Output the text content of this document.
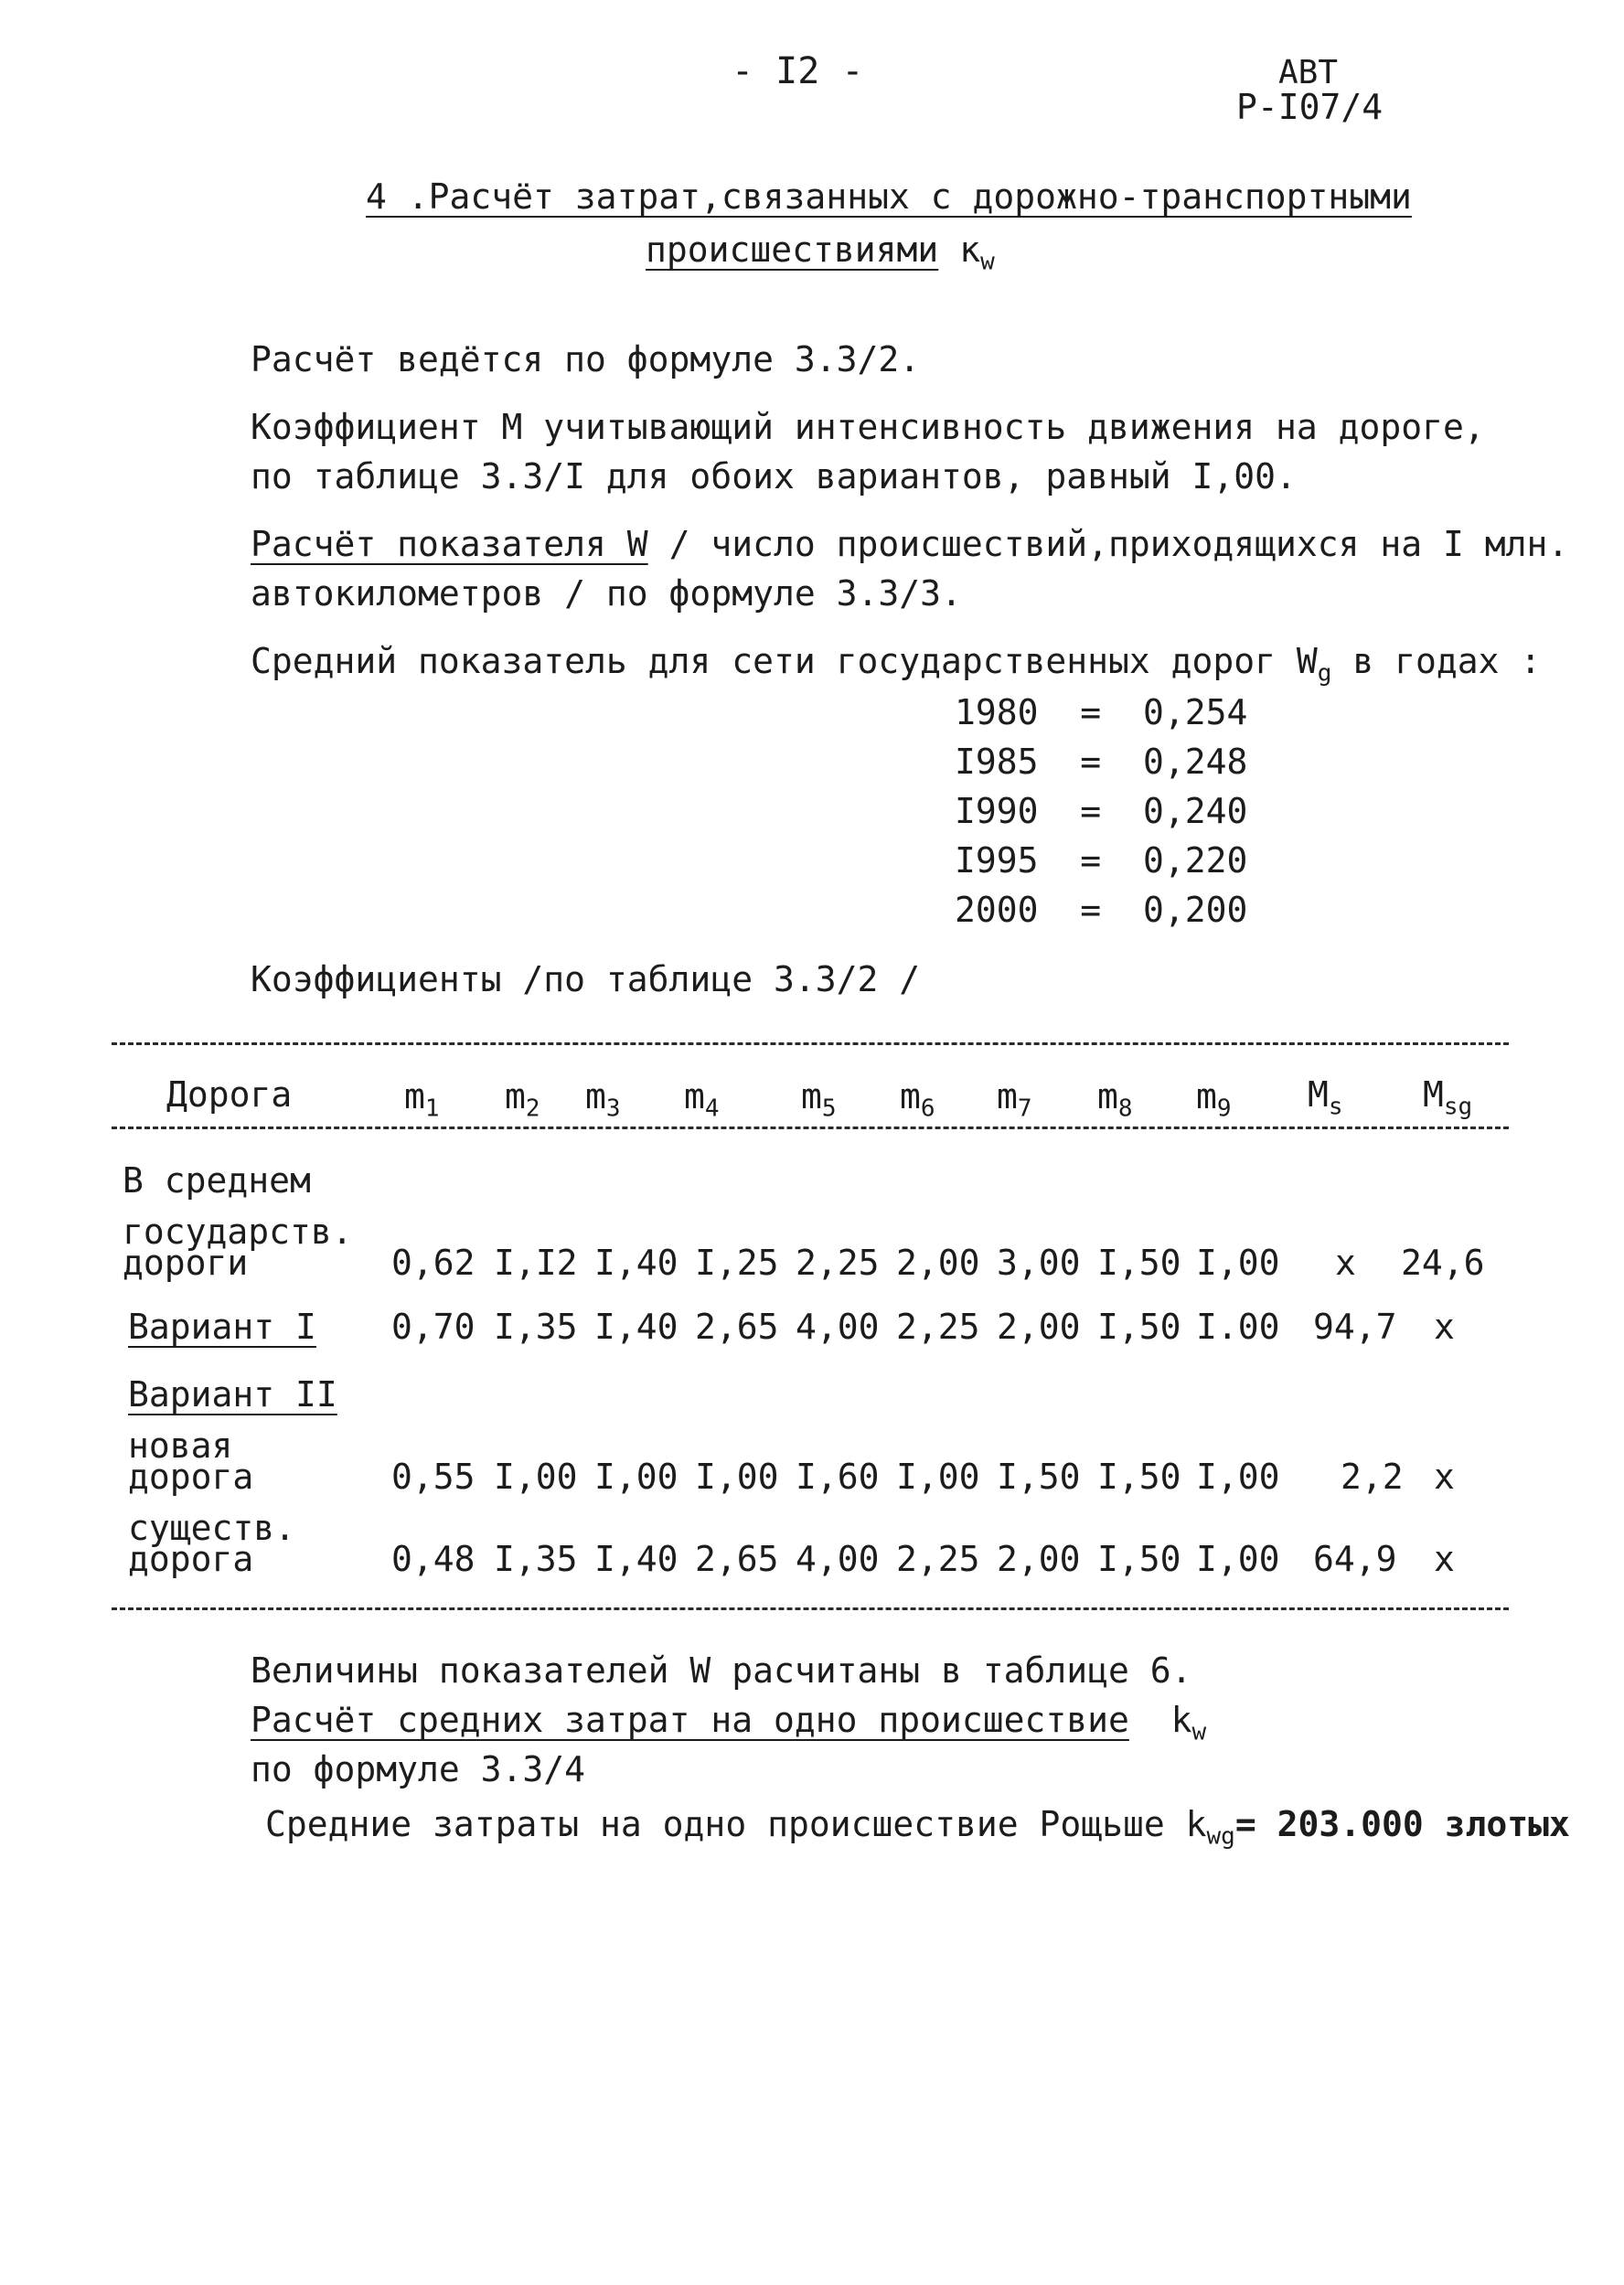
- I2 -	АВТ
Р-I07/4
4 .Расчёт затрат,связанных с дорожно-транспортными
происшествиями $к_w$
Расчёт ведётся по формуле 3.3/2.
Коэффициент М учитывающий интенсивность движения на дороге,
по таблице 3.3/I для обоих вариантов, равный I,00.
Расчёт показателя W / число происшествий,приходящихся на I млн.
автокилометров / по формуле 3.3/3.
Средний показатель для сети государственных дорог $W_g$ в годах :
1980 = 0,254
I985 = 0,248
I990 = 0,240
I995 = 0,220
2000 = 0,200
Коэффициенты /по таблице 3.3/2 /
Дорога	$m_1$ $m_2$ $m_3$ $m_4$ $m_5$ $m_6$ $m_7$ $m_8$ $m_9$ $M_s$ $M_{sg}$
В среднем
государств.
дороги	0,62 I,I2 I,40 I,25 2,25 2,00 3,00 I,50 I,00 x 24,6
Вариант I 0,70 I,35 I,40 2,65 4,00 2,25 2,00 I,50 I.00 94,7 x
Вариант II
новая
дорога	0,55 I,00 I,00 I,00 I,60 I,00 I,50 I,50 I,00 2,2 x
существ.
дорога	0,48 I,35 I,40 2,65 4,00 2,25 2,00 I,50 I,00 64,9 x
Величины показателей W расчитаны в таблице 6.
Расчёт средних затрат на одно происшествие $k_w$
по формуле 3.3/4
Средние затраты на одно происшествие Рощьше $k_{wg}= 203.000$ злотых
